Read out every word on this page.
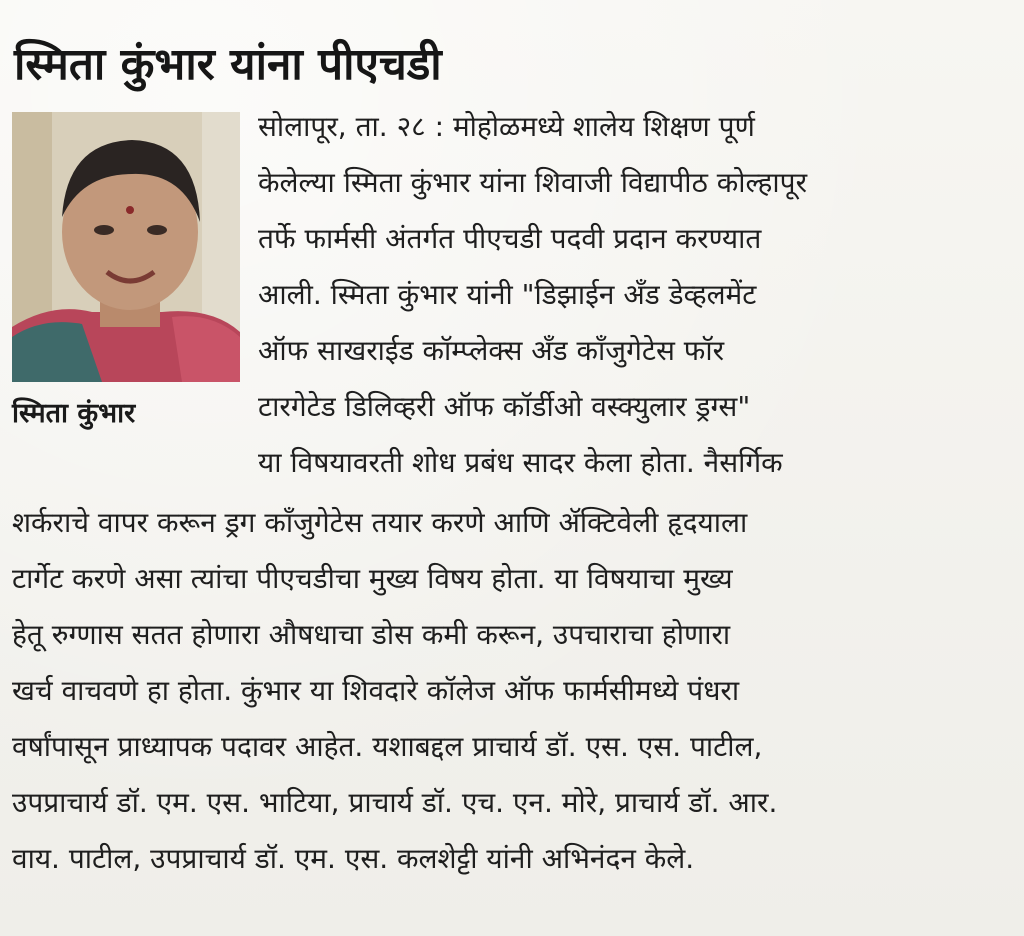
स्मिता कुंभार यांना पीएचडी
स्मिता कुंभार
सोलापूर, ता. २८ : मोहोळमध्ये शालेय शिक्षण पूर्ण
केलेल्या स्मिता कुंभार यांना शिवाजी विद्यापीठ कोल्हापूर
तर्फे फार्मसी अंतर्गत पीएचडी पदवी प्रदान करण्यात
आली. स्मिता कुंभार यांनी "डिझाईन अँड डेव्हलमेंट
ऑफ साखराईड कॉम्प्लेक्स अँड कॉंजुगेटेस फॉर
टारगेटेड डिलिव्हरी ऑफ कॉर्डीओ वस्क्युलार ड्रग्स"
या विषयावरती शोध प्रबंध सादर केला होता. नैसर्गिक
शर्कराचे वापर करून ड्रग कॉंजुगेटेस तयार करणे आणि ॲक्टिवेली हृदयाला
टार्गेट करणे असा त्यांचा पीएचडीचा मुख्य विषय होता. या विषयाचा मुख्य
हेतू रुग्णास सतत होणारा औषधाचा डोस कमी करून, उपचाराचा होणारा
खर्च वाचवणे हा होता. कुंभार या शिवदारे कॉलेज ऑफ फार्मसीमध्ये पंधरा
वर्षांपासून प्राध्यापक पदावर आहेत. यशाबद्दल प्राचार्य डॉ. एस. एस. पाटील,
उपप्राचार्य डॉ. एम. एस. भाटिया, प्राचार्य डॉ. एच. एन. मोरे, प्राचार्य डॉ. आर.
वाय. पाटील, उपप्राचार्य डॉ. एम. एस. कलशेट्टी यांनी अभिनंदन केले.
